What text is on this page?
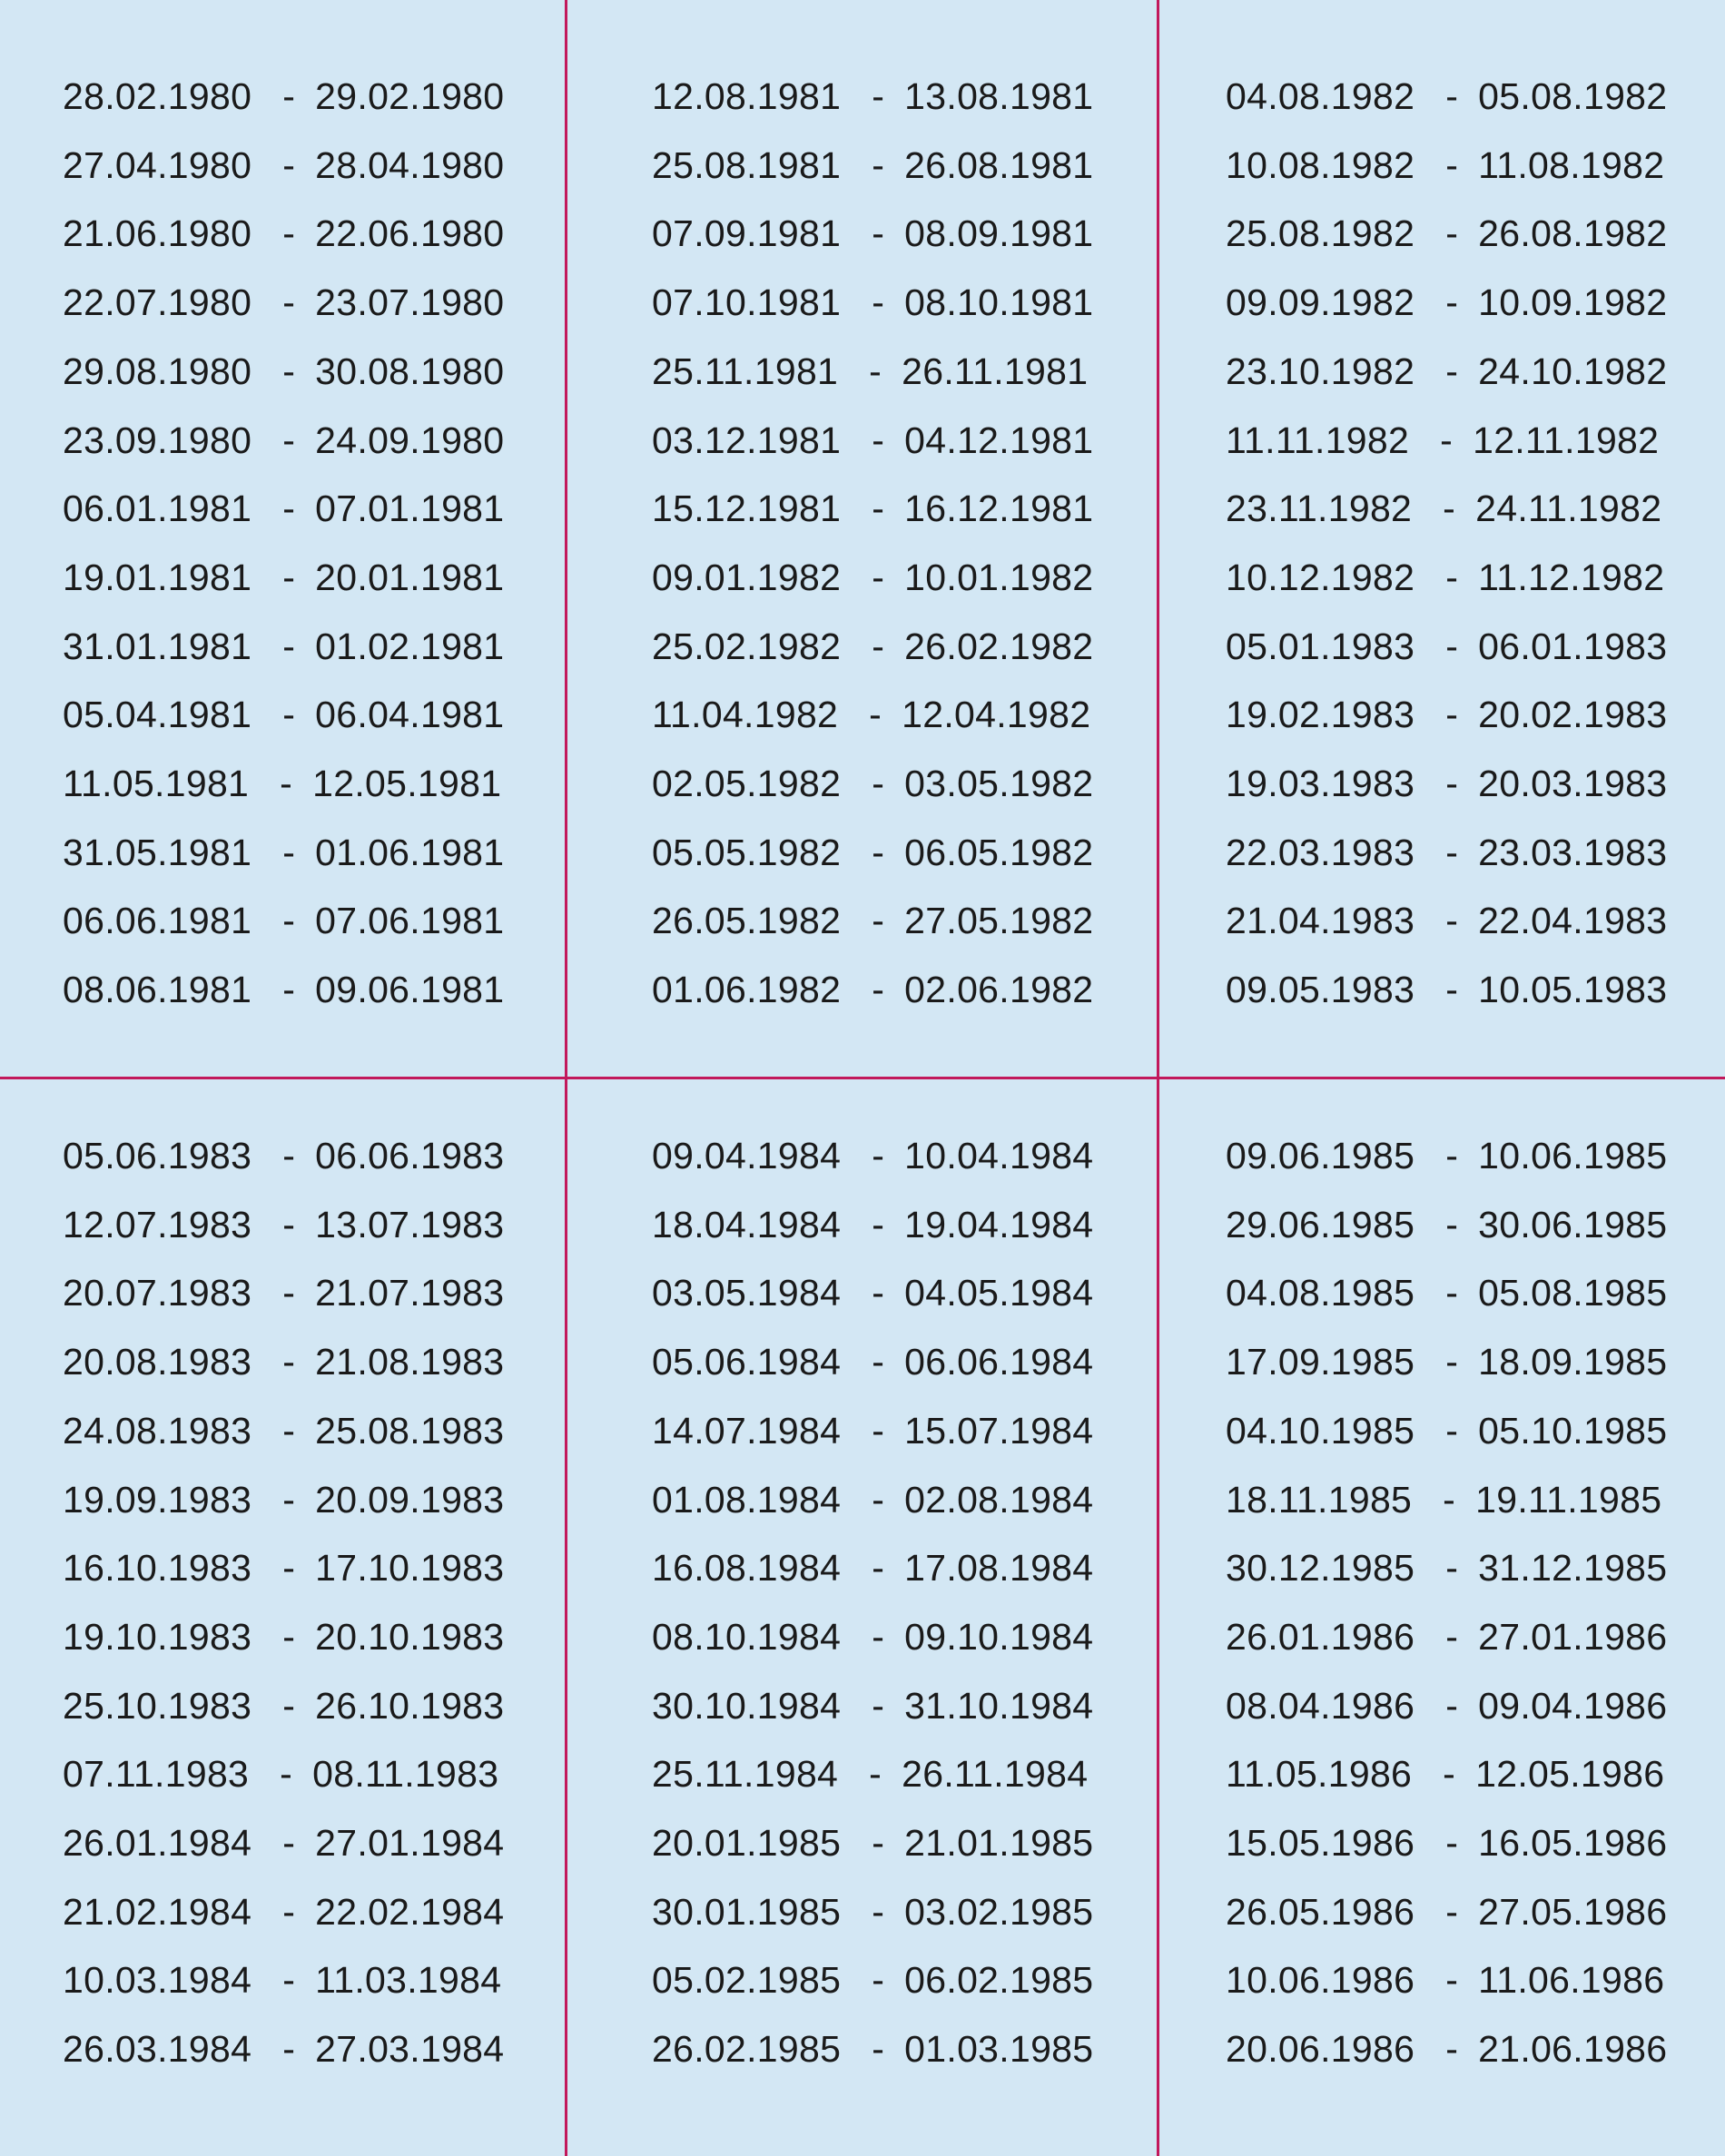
28.02.1980 - 29.02.1980
27.04.1980 - 28.04.1980
21.06.1980 - 22.06.1980
22.07.1980 - 23.07.1980
29.08.1980 - 30.08.1980
23.09.1980 - 24.09.1980
06.01.1981 - 07.01.1981
19.01.1981 - 20.01.1981
31.01.1981 - 01.02.1981
05.04.1981 - 06.04.1981
11.05.1981 - 12.05.1981
31.05.1981 - 01.06.1981
06.06.1981 - 07.06.1981
08.06.1981 - 09.06.1981
12.08.1981 - 13.08.1981
25.08.1981 - 26.08.1981
07.09.1981 - 08.09.1981
07.10.1981 - 08.10.1981
25.11.1981 - 26.11.1981
03.12.1981 - 04.12.1981
15.12.1981 - 16.12.1981
09.01.1982 - 10.01.1982
25.02.1982 - 26.02.1982
11.04.1982 - 12.04.1982
02.05.1982 - 03.05.1982
05.05.1982 - 06.05.1982
26.05.1982 - 27.05.1982
01.06.1982 - 02.06.1982
04.08.1982 - 05.08.1982
10.08.1982 - 11.08.1982
25.08.1982 - 26.08.1982
09.09.1982 - 10.09.1982
23.10.1982 - 24.10.1982
11.11.1982 - 12.11.1982
23.11.1982 - 24.11.1982
10.12.1982 - 11.12.1982
05.01.1983 - 06.01.1983
19.02.1983 - 20.02.1983
19.03.1983 - 20.03.1983
22.03.1983 - 23.03.1983
21.04.1983 - 22.04.1983
09.05.1983 - 10.05.1983
05.06.1983 - 06.06.1983
12.07.1983 - 13.07.1983
20.07.1983 - 21.07.1983
20.08.1983 - 21.08.1983
24.08.1983 - 25.08.1983
19.09.1983 - 20.09.1983
16.10.1983 - 17.10.1983
19.10.1983 - 20.10.1983
25.10.1983 - 26.10.1983
07.11.1983 - 08.11.1983
26.01.1984 - 27.01.1984
21.02.1984 - 22.02.1984
10.03.1984 - 11.03.1984
26.03.1984 - 27.03.1984
09.04.1984 - 10.04.1984
18.04.1984 - 19.04.1984
03.05.1984 - 04.05.1984
05.06.1984 - 06.06.1984
14.07.1984 - 15.07.1984
01.08.1984 - 02.08.1984
16.08.1984 - 17.08.1984
08.10.1984 - 09.10.1984
30.10.1984 - 31.10.1984
25.11.1984 - 26.11.1984
20.01.1985 - 21.01.1985
30.01.1985 - 03.02.1985
05.02.1985 - 06.02.1985
26.02.1985 - 01.03.1985
09.06.1985 - 10.06.1985
29.06.1985 - 30.06.1985
04.08.1985 - 05.08.1985
17.09.1985 - 18.09.1985
04.10.1985 - 05.10.1985
18.11.1985 - 19.11.1985
30.12.1985 - 31.12.1985
26.01.1986 - 27.01.1986
08.04.1986 - 09.04.1986
11.05.1986 - 12.05.1986
15.05.1986 - 16.05.1986
26.05.1986 - 27.05.1986
10.06.1986 - 11.06.1986
20.06.1986 - 21.06.1986
